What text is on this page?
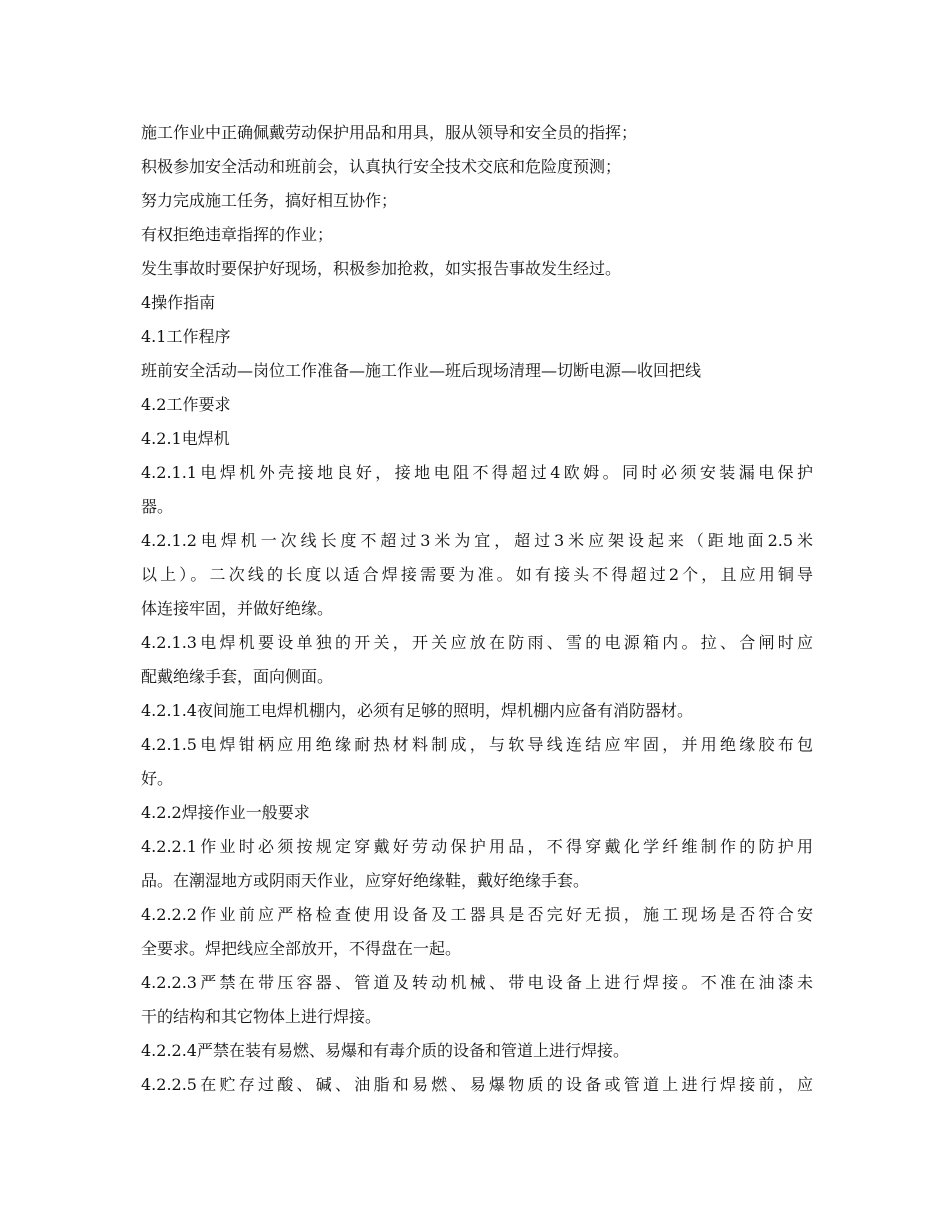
施工作业中正确佩戴劳动保护用品和用具，服从领导和安全员的指挥；
积极参加安全活动和班前会，认真执行安全技术交底和危险度预测；
努力完成施工任务，搞好相互协作；
有权拒绝违章指挥的作业；
发生事故时要保护好现场，积极参加抢救，如实报告事故发生经过。
4操作指南
4.1工作程序
班前安全活动—岗位工作准备—施工作业—班后现场清理—切断电源—收回把线
4.2工作要求
4.2.1电焊机
4.2.1.1电焊机外壳接地良好，接地电阻不得超过4欧姆。同时必须安装漏电保护
器。
4.2.1.2电焊机一次线长度不超过3米为宜，超过3米应架设起来（距地面2.5米
以上）。二次线的长度以适合焊接需要为准。如有接头不得超过2个，且应用铜导
体连接牢固，并做好绝缘。
4.2.1.3电焊机要设单独的开关，开关应放在防雨、雪的电源箱内。拉、合闸时应
配戴绝缘手套，面向侧面。
4.2.1.4夜间施工电焊机棚内，必须有足够的照明，焊机棚内应备有消防器材。
4.2.1.5电焊钳柄应用绝缘耐热材料制成，与软导线连结应牢固，并用绝缘胶布包
好。
4.2.2焊接作业一般要求
4.2.2.1作业时必须按规定穿戴好劳动保护用品，不得穿戴化学纤维制作的防护用
品。在潮湿地方或阴雨天作业，应穿好绝缘鞋，戴好绝缘手套。
4.2.2.2作业前应严格检查使用设备及工器具是否完好无损，施工现场是否符合安
全要求。焊把线应全部放开，不得盘在一起。
4.2.2.3严禁在带压容器、管道及转动机械、带电设备上进行焊接。不准在油漆未
干的结构和其它物体上进行焊接。
4.2.2.4严禁在装有易燃、易爆和有毒介质的设备和管道上进行焊接。
4.2.2.5在贮存过酸、碱、油脂和易燃、易爆物质的设备或管道上进行焊接前，应
